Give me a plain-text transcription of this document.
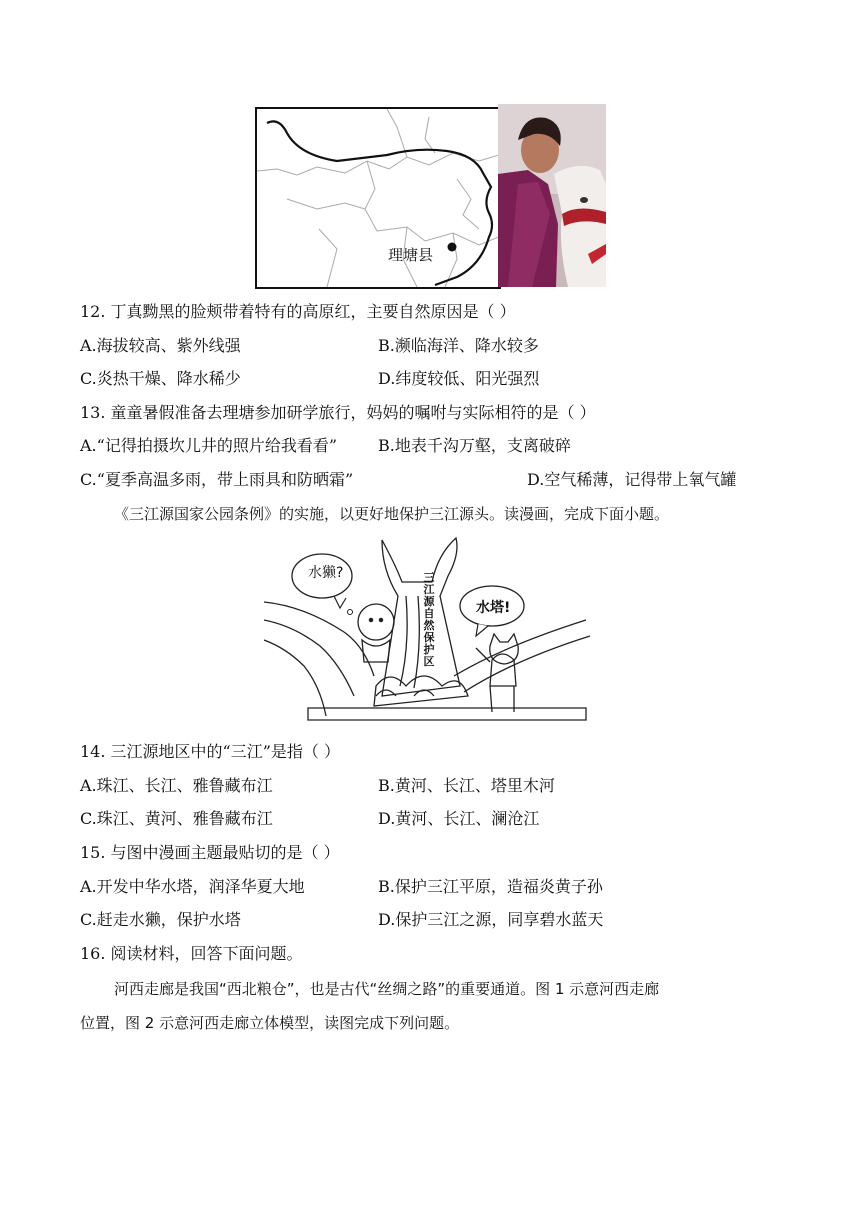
理塘县
12. 丁真黝黑的脸颊带着特有的高原红，主要自然原因是（ ）
A.海拔较高、紫外线强	B.濒临海洋、降水较多
C.炎热干燥、降水稀少	D.纬度较低、阳光强烈
13. 童童暑假准备去理塘参加研学旅行，妈妈的嘱咐与实际相符的是（ ）
A.“记得拍摄坎儿井的照片给我看看”	B.地表千沟万壑，支离破碎
C.“夏季高温多雨，带上雨具和防晒霜”	D.空气稀薄，记得带上氧气罐
《三江源国家公园条例》的实施，以更好地保护三江源头。读漫画，完成下面小题。
水獭?
水塔!
三
江
源
自
然
保
护
区
14. 三江源地区中的“三江”是指（ ）
A.珠江、长江、雅鲁藏布江	B.黄河、长江、塔里木河
C.珠江、黄河、雅鲁藏布江	D.黄河、长江、澜沧江
15. 与图中漫画主题最贴切的是（ ）
A.开发中华水塔，润泽华夏大地	B.保护三江平原，造福炎黄子孙
C.赶走水獭，保护水塔	D.保护三江之源，同享碧水蓝天
16. 阅读材料，回答下面问题。
河西走廊是我国“西北粮仓”，也是古代“丝绸之路”的重要通道。图 1 示意河西走廊
位置，图 2 示意河西走廊立体模型，读图完成下列问题。
